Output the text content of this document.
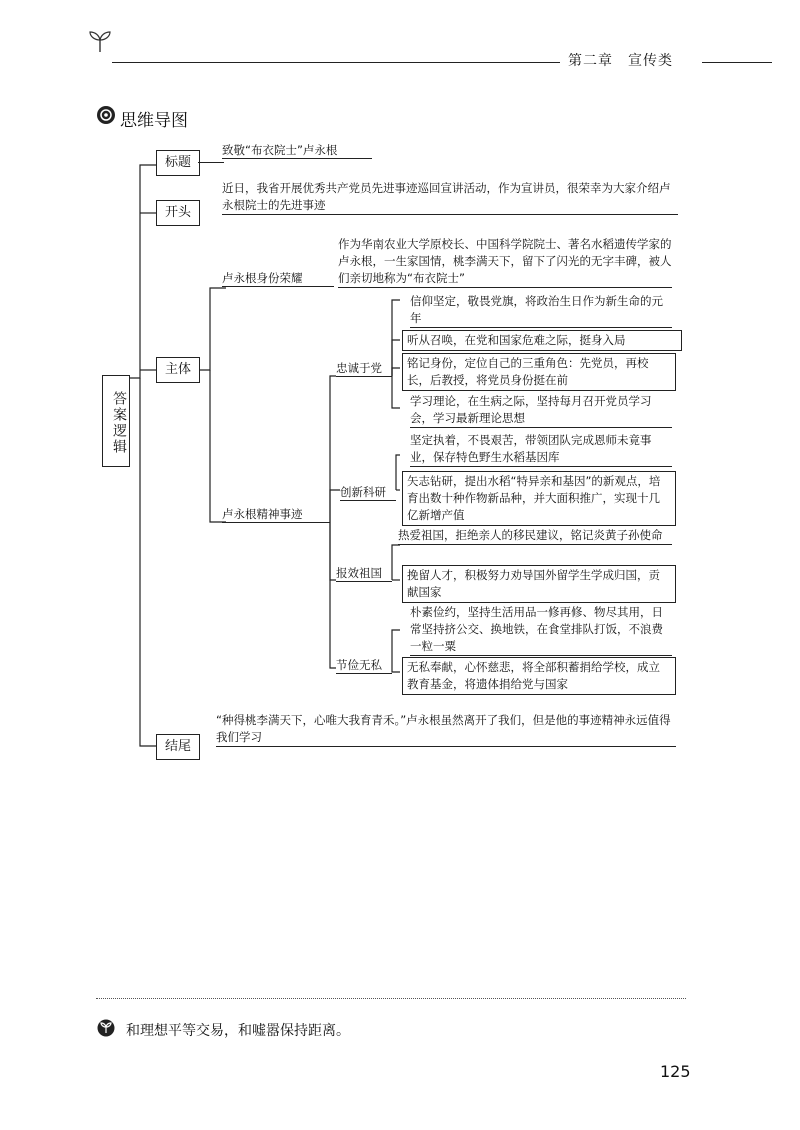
第二章　宣传类
思维导图
答案逻辑
标题
致敬“布衣院士”卢永根
开头
近日，我省开展优秀共产党员先进事迹巡回宣讲活动，作为宣讲员，很荣幸为大家介绍卢永根院士的先进事迹
主体
卢永根身份荣耀
作为华南农业大学原校长、中国科学院院士、著名水稻遗传学家的卢永根，一生家国情，桃李满天下，留下了闪光的无字丰碑，被人们亲切地称为“布衣院士”
卢永根精神事迹
忠诚于党
信仰坚定，敬畏党旗，将政治生日作为新生命的元年
听从召唤，在党和国家危难之际，挺身入局
铭记身份，定位自己的三重角色：先党员，再校长，后教授，将党员身份挺在前
学习理论，在生病之际，坚持每月召开党员学习会，学习最新理论思想
创新科研
坚定执着，不畏艰苦，带领团队完成恩师未竟事业，保存特色野生水稻基因库
矢志钻研，提出水稻“特异亲和基因”的新观点，培育出数十种作物新品种，并大面积推广，实现十几亿新增产值
报效祖国
热爱祖国，拒绝亲人的移民建议，铭记炎黄子孙使命
挽留人才，积极努力劝导国外留学生学成归国，贡献国家
节俭无私
朴素俭约，坚持生活用品一修再修、物尽其用，日常坚持挤公交、换地铁，在食堂排队打饭，不浪费一粒一粟
无私奉献，心怀慈悲，将全部积蓄捐给学校，成立教育基金，将遗体捐给党与国家
结尾
“种得桃李满天下，心唯大我育青禾。”卢永根虽然离开了我们，但是他的事迹精神永远值得我们学习
和理想平等交易，和嘘嚣保持距离。
125
